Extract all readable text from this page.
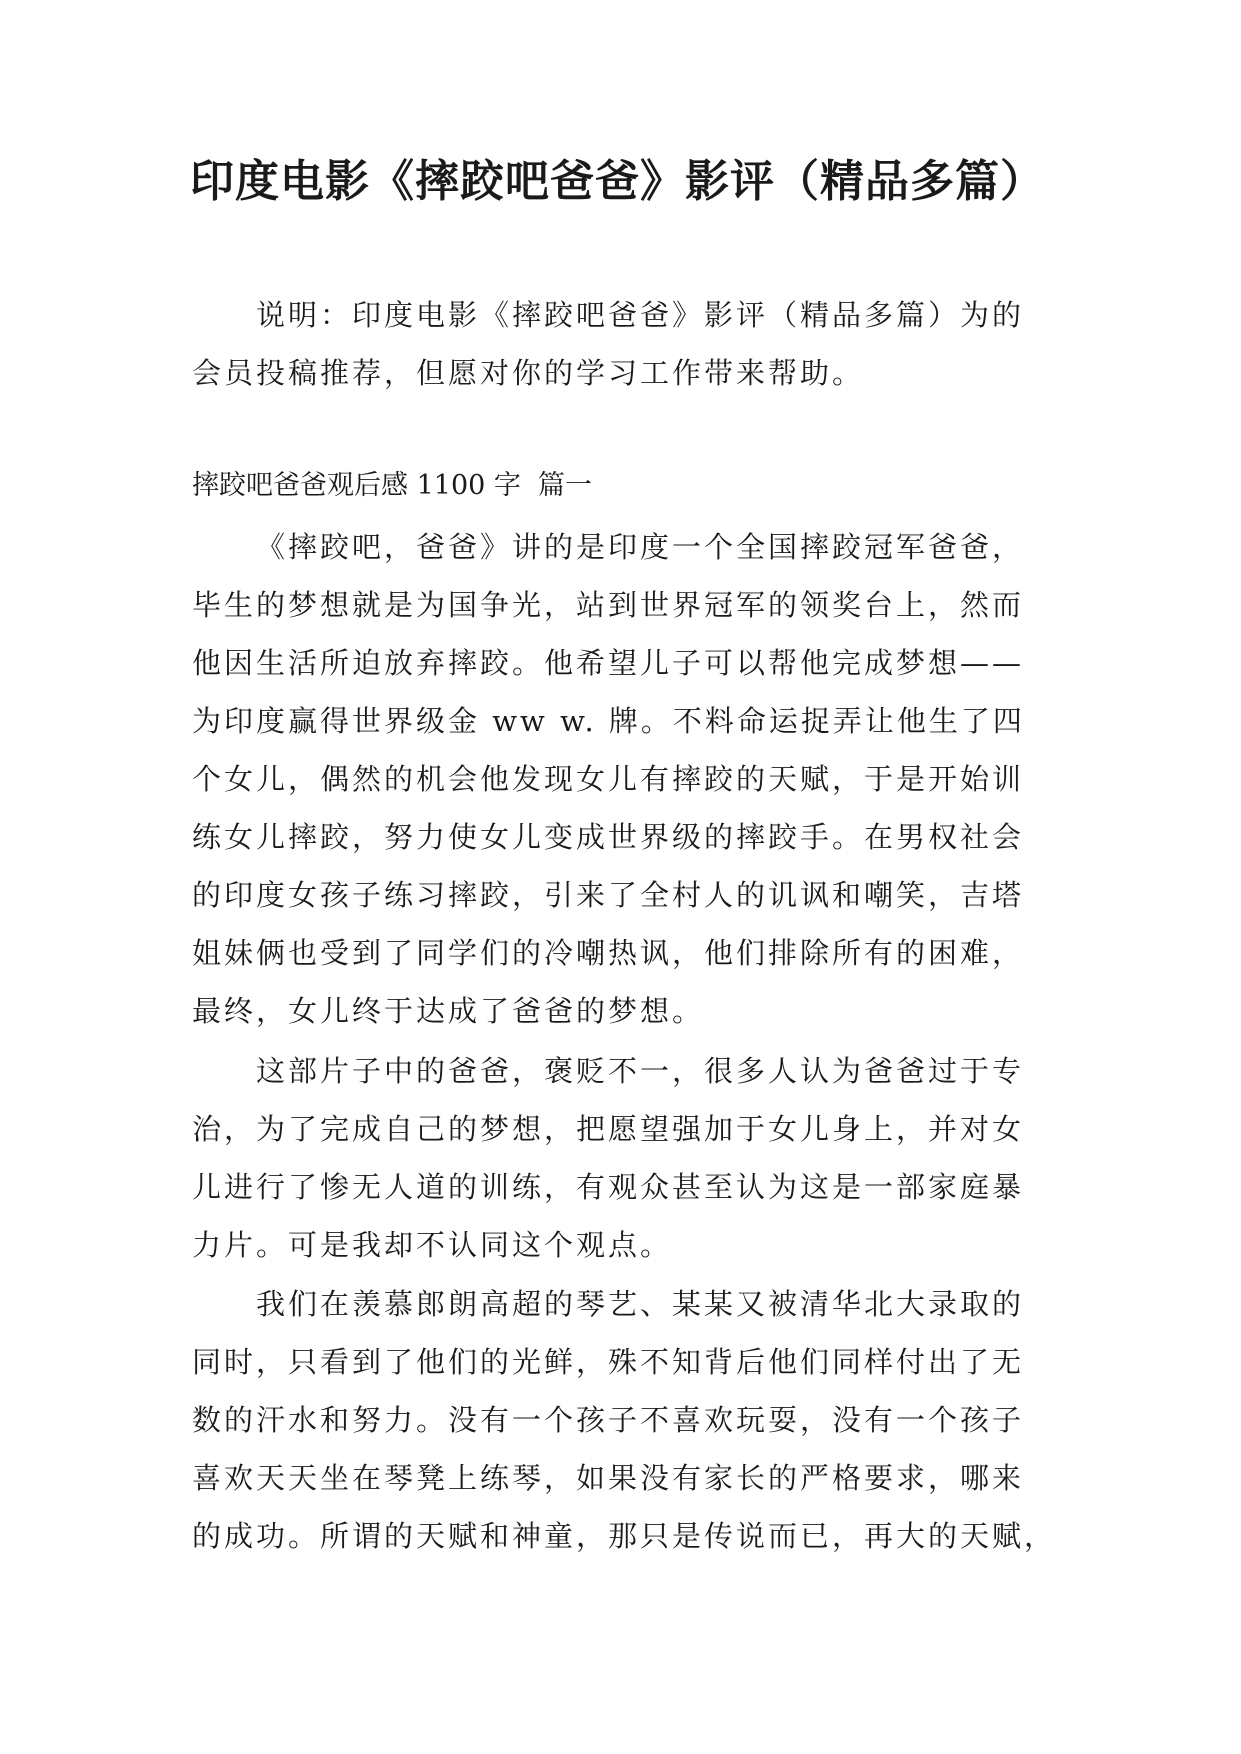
印度电影《摔跤吧爸爸》影评（精品多篇）
说明：印度电影《摔跤吧爸爸》影评（精品多篇）为的
会员投稿推荐，但愿对你的学习工作带来帮助。
摔跤吧爸爸观后感 1100 字  篇一
《摔跤吧，爸爸》讲的是印度一个全国摔跤冠军爸爸，
毕生的梦想就是为国争光，站到世界冠军的领奖台上，然而
他因生活所迫放弃摔跤。他希望儿子可以帮他完成梦想——
为印度赢得世界级金 ww w. 牌。不料命运捉弄让他生了四
个女儿，偶然的机会他发现女儿有摔跤的天赋，于是开始训
练女儿摔跤，努力使女儿变成世界级的摔跤手。在男权社会
的印度女孩子练习摔跤，引来了全村人的讥讽和嘲笑，吉塔
姐妹俩也受到了同学们的冷嘲热讽，他们排除所有的困难，
最终，女儿终于达成了爸爸的梦想。
这部片子中的爸爸，褒贬不一，很多人认为爸爸过于专
治，为了完成自己的梦想，把愿望强加于女儿身上，并对女
儿进行了惨无人道的训练，有观众甚至认为这是一部家庭暴
力片。可是我却不认同这个观点。
我们在羡慕郎朗高超的琴艺、某某又被清华北大录取的
同时，只看到了他们的光鲜，殊不知背后他们同样付出了无
数的汗水和努力。没有一个孩子不喜欢玩耍，没有一个孩子
喜欢天天坐在琴凳上练琴，如果没有家长的严格要求，哪来
的成功。所谓的天赋和神童，那只是传说而已，再大的天赋，
